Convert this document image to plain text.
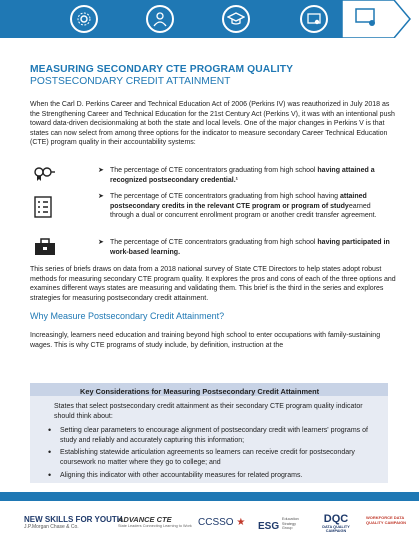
MEASURING SECONDARY CTE PROGRAM QUALITY
POSTSECONDARY CREDIT ATTAINMENT

When the Carl D. Perkins Career and Technical Education Act of 2006 (Perkins IV) was reauthorized in July 2018 as the Strengthening Career and Technical Education for the 21st Century Act (Perkins V), it was with an intentional push toward data-driven decisionmaking at both the state and local levels. One of the major changes in Perkins V is that states can now select from among three options for the indicator to measure secondary Career Technical Education (CTE) program quality in their accountability systems:

➤ The percentage of CTE concentrators graduating from high school having attained a recognized postsecondary credential.¹
➤ The percentage of CTE concentrators graduating from high school having attained postsecondary credits in the relevant CTE program or program of studyearned through a dual or concurrent enrollment program or another credit transfer agreement.
➤ The percentage of CTE concentrators graduating from high school having participated in work-based learning.

This series of briefs draws on data from a 2018 national survey of State CTE Directors to help states adopt robust methods for measuring secondary CTE program quality. It explores the pros and cons of each of the three options and examines different ways states are measuring and validating them. This brief is the third in the series and explores strategies for measuring postsecondary credit attainment.

Why Measure Postsecondary Credit Attainment?

Increasingly, learners need education and training beyond high school to enter occupations with family-sustaining wages. This is why CTE programs of study include, by definition, instruction at the

Key Considerations for Measuring Postsecondary Credit Attainment
States that select postsecondary credit attainment as their secondary CTE program quality indicator should think about:
• Setting clear parameters to encourage alignment of postsecondary credit with learners' programs of study and reliably and accurately capturing this information;
• Establishing statewide articulation agreements so learners can receive credit for postsecondary coursework no matter where they go to college; and
• Aligning this indicator with other accountability measures for related programs.
NEW SKILLS FOR YOUTH
J.P.Morgan Chase & Co.
ADVANCE CTE
State Leaders Connecting Learning to Work CCSSO ★ ESG Education Strategy Group
DQC
DATA QUALITY CAMPAIGN
WORKFORCE DATA QUALITY CAMPAIGN
